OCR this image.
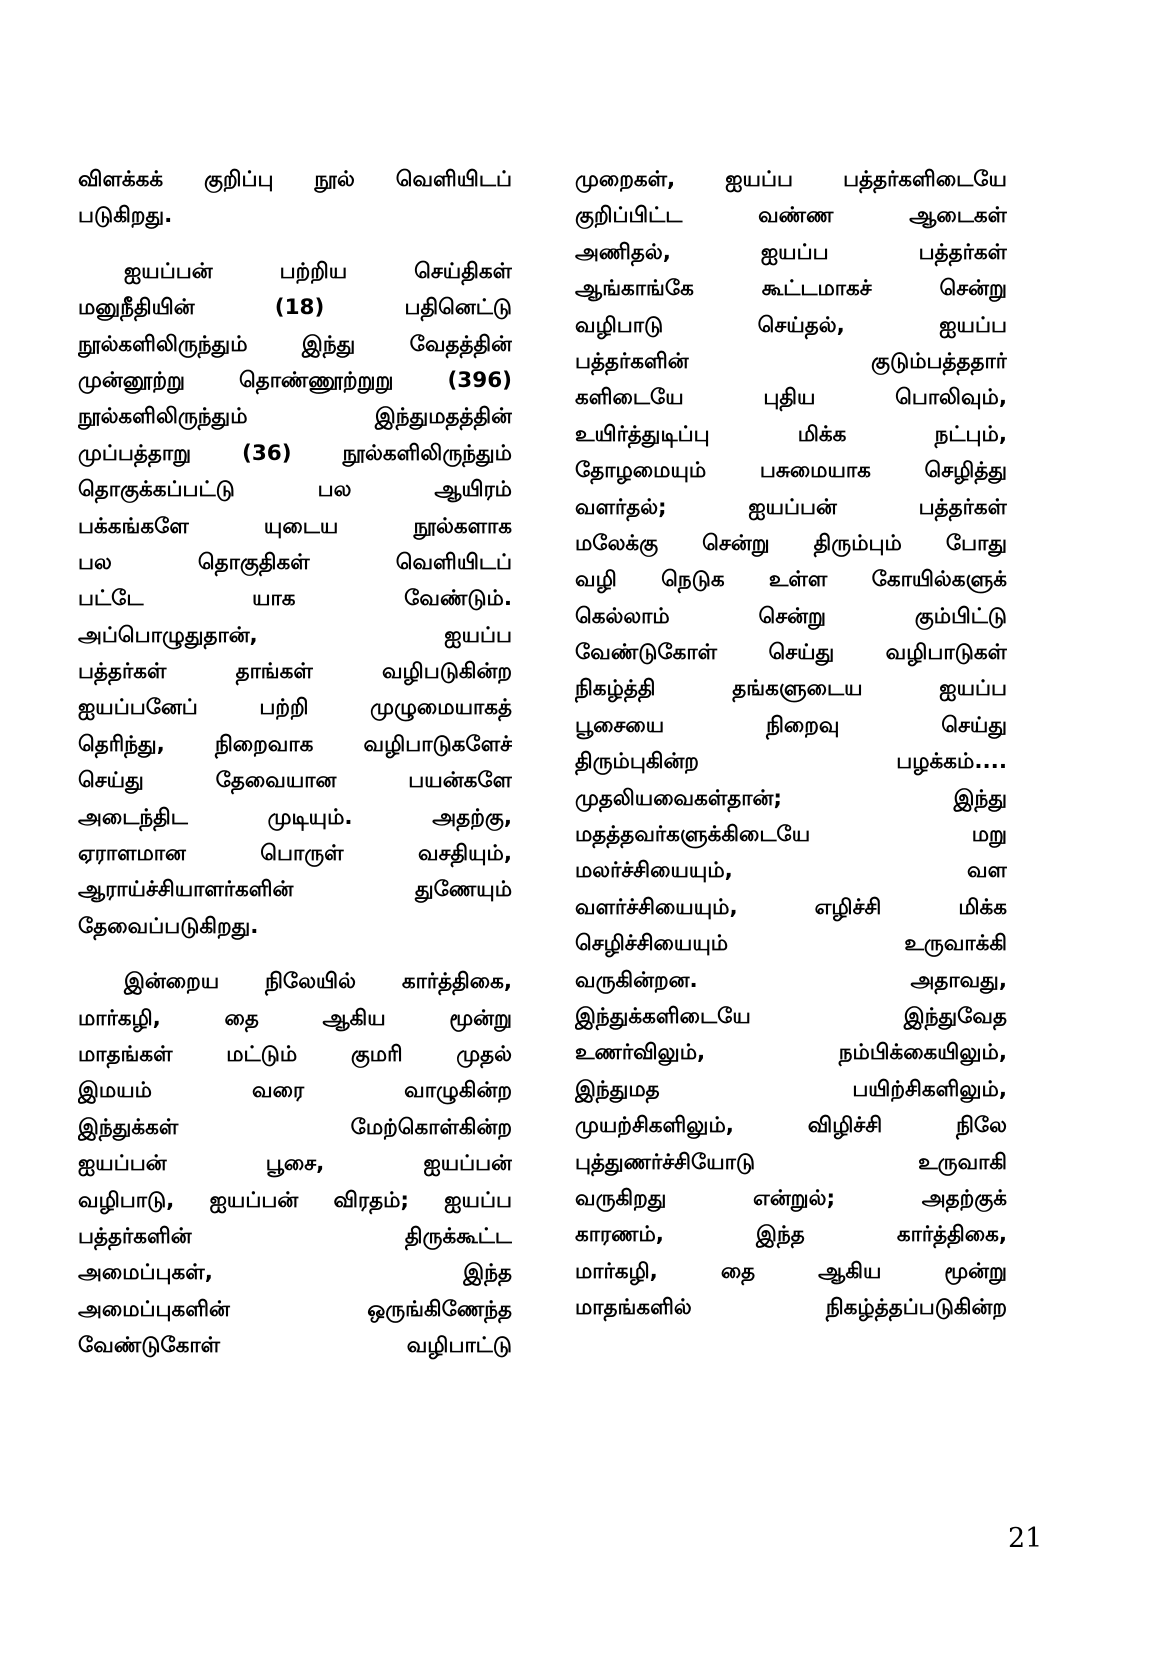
விளக்கக் குறிப்பு நூல் வெளியிடப்
படுகிறது.
ஐயப்பன் பற்றிய செய்திகள்
மனுநீதியின் (18) பதினெட்டு
நூல்களிலிருந்தும் இந்து வேதத்தின்
முன்னூற்று தொண்ணூற்றுறு (396)
நூல்களிலிருந்தும் இந்துமதத்தின்
முப்பத்தாறு (36) நூல்களிலிருந்தும்
தொகுக்கப்பட்டு பல ஆயிரம்
பக்கங்களே யுடைய நூல்களாக
பல தொகுதிகள் வெளியிடப்
பட்டே யாக வேண்டும்.
அப்பொழுதுதான், ஐயப்ப
பத்தர்கள் தாங்கள் வழிபடுகின்ற
ஐயப்பனேப் பற்றி முழுமையாகத்
தெரிந்து, நிறைவாக வழிபாடுகளேச்
செய்து தேவையான பயன்களே
அடைந்திட முடியும். அதற்கு,
ஏராளமான பொருள் வசதியும்,
ஆராய்ச்சியாளர்களின் துணேயும்
தேவைப்படுகிறது.
இன்றைய நிலேயில் கார்த்திகை,
மார்கழி, தை ஆகிய மூன்று
மாதங்கள் மட்டும் குமரி முதல்
இமயம் வரை வாழுகின்ற
இந்துக்கள் மேற்கொள்கின்ற
ஐயப்பன் பூசை, ஐயப்பன்
வழிபாடு, ஐயப்பன் விரதம்; ஐயப்ப
பத்தர்களின் திருக்கூட்ட
அமைப்புகள், இந்த
அமைப்புகளின் ஒருங்கிணேந்த
வேண்டுகோள் வழிபாட்டு
முறைகள், ஐயப்ப பத்தர்களிடையே
குறிப்பிட்ட வண்ண ஆடைகள்
அணிதல், ஐயப்ப பத்தர்கள்
ஆங்காங்கே கூட்டமாகச் சென்று
வழிபாடு செய்தல், ஐயப்ப
பத்தர்களின் குடும்பத்ததார்
களிடையே புதிய பொலிவும்,
உயிர்த்துடிப்பு மிக்க நட்பும்,
தோழமையும் பசுமையாக செழித்து
வளர்தல்; ஐயப்பன் பத்தர்கள்
மலேக்கு சென்று திரும்பும் போது
வழி நெடுக உள்ள கோயில்களுக்
கெல்லாம் சென்று கும்பிட்டு
வேண்டுகோள் செய்து வழிபாடுகள்
நிகழ்த்தி தங்களுடைய ஐயப்ப
பூசையை நிறைவு செய்து
திரும்புகின்ற பழக்கம்....
முதலியவைகள்தான்; இந்து
மதத்தவர்களுக்கிடையே மறு
மலர்ச்சியையும், வள
வளர்ச்சியையும், எழிச்சி மிக்க
செழிச்சியையும் உருவாக்கி
வருகின்றன. அதாவது,
இந்துக்களிடையே இந்துவேத
உணர்விலும், நம்பிக்கையிலும்,
இந்துமத பயிற்சிகளிலும்,
முயற்சிகளிலும், விழிச்சி நிலே
புத்துணர்ச்சியோடு உருவாகி
வருகிறது என்றுல்; அதற்குக்
காரணம், இந்த கார்த்திகை,
மார்கழி, தை ஆகிய மூன்று
மாதங்களில் நிகழ்த்தப்படுகின்ற
21
